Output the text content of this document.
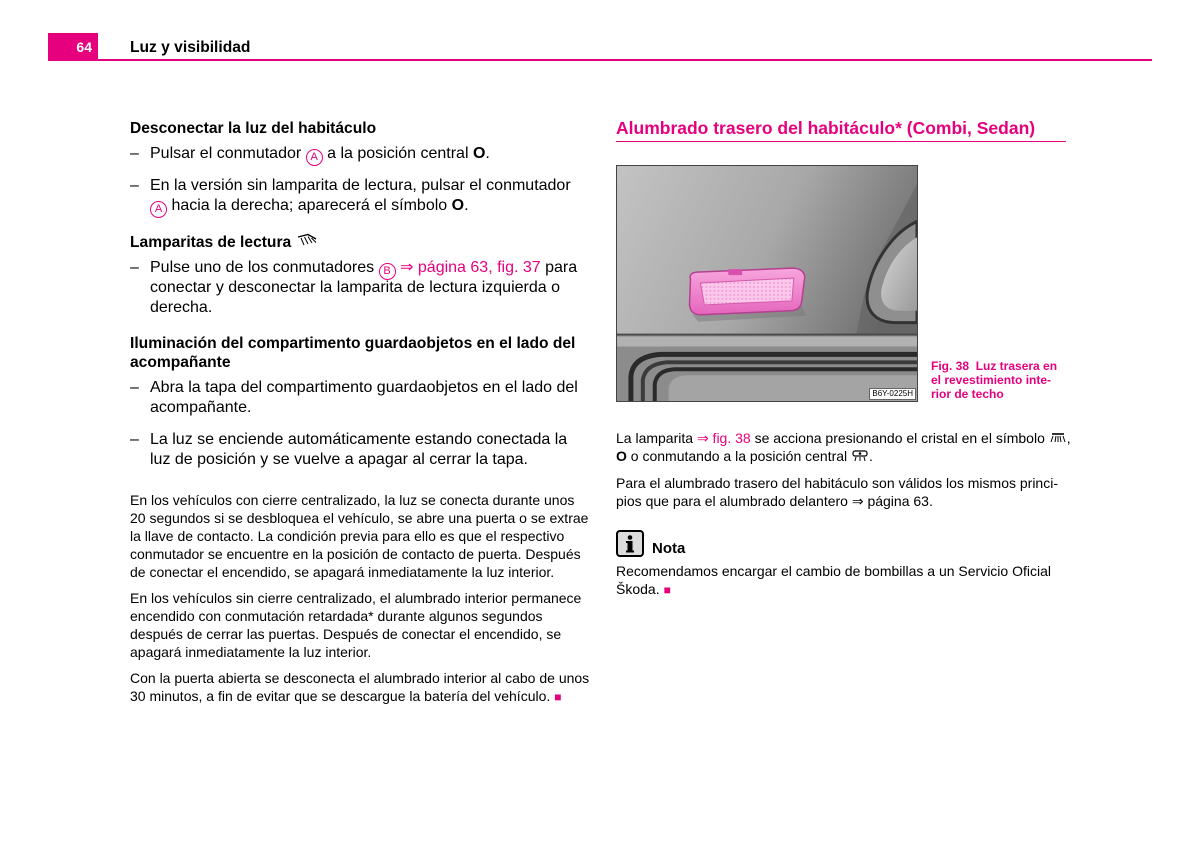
64	Luz y visibilidad
Desconectar la luz del habitáculo
– Pulsar el conmutador A a la posición central O.
– En la versión sin lamparita de lectura, pulsar el conmutador
A hacia la derecha; aparecerá el símbolo O.
Lamparitas de lectura
– Pulse uno de los conmutadores B ⇒ página 63, fig. 37 para
conectar y desconectar la lamparita de lectura izquierda o
derecha.
Iluminación del compartimento guardaobjetos en el lado del
acompañante
– Abra la tapa del compartimento guardaobjetos en el lado del
acompañante.
– La luz se enciende automáticamente estando conectada la
luz de posición y se vuelve a apagar al cerrar la tapa.
En los vehículos con cierre centralizado, la luz se conecta durante unos
20 segundos si se desbloquea el vehículo, se abre una puerta o se extrae
la llave de contacto. La condición previa para ello es que el respectivo
conmutador se encuentre en la posición de contacto de puerta. Después
de conectar el encendido, se apagará inmediatamente la luz interior.
En los vehículos sin cierre centralizado, el alumbrado interior permanece
encendido con conmutación retardada* durante algunos segundos
después de cerrar las puertas. Después de conectar el encendido, se
apagará inmediatamente la luz interior.
Con la puerta abierta se desconecta el alumbrado interior al cabo de unos
30 minutos, a fin de evitar que se descargue la batería del vehículo. ■
Alumbrado trasero del habitáculo* (Combi, Sedan)
B6Y-0225H
Fig. 38 Luz trasera en
el revestimiento inte-
rior de techo
La lamparita ⇒ fig. 38 se acciona presionando el cristal en el símbolo ,
O o conmutando a la posición central .
Para el alumbrado trasero del habitáculo son válidos los mismos princi-
pios que para el alumbrado delantero ⇒ página 63.
Nota
Recomendamos encargar el cambio de bombillas a un Servicio Oficial
Škoda. ■
